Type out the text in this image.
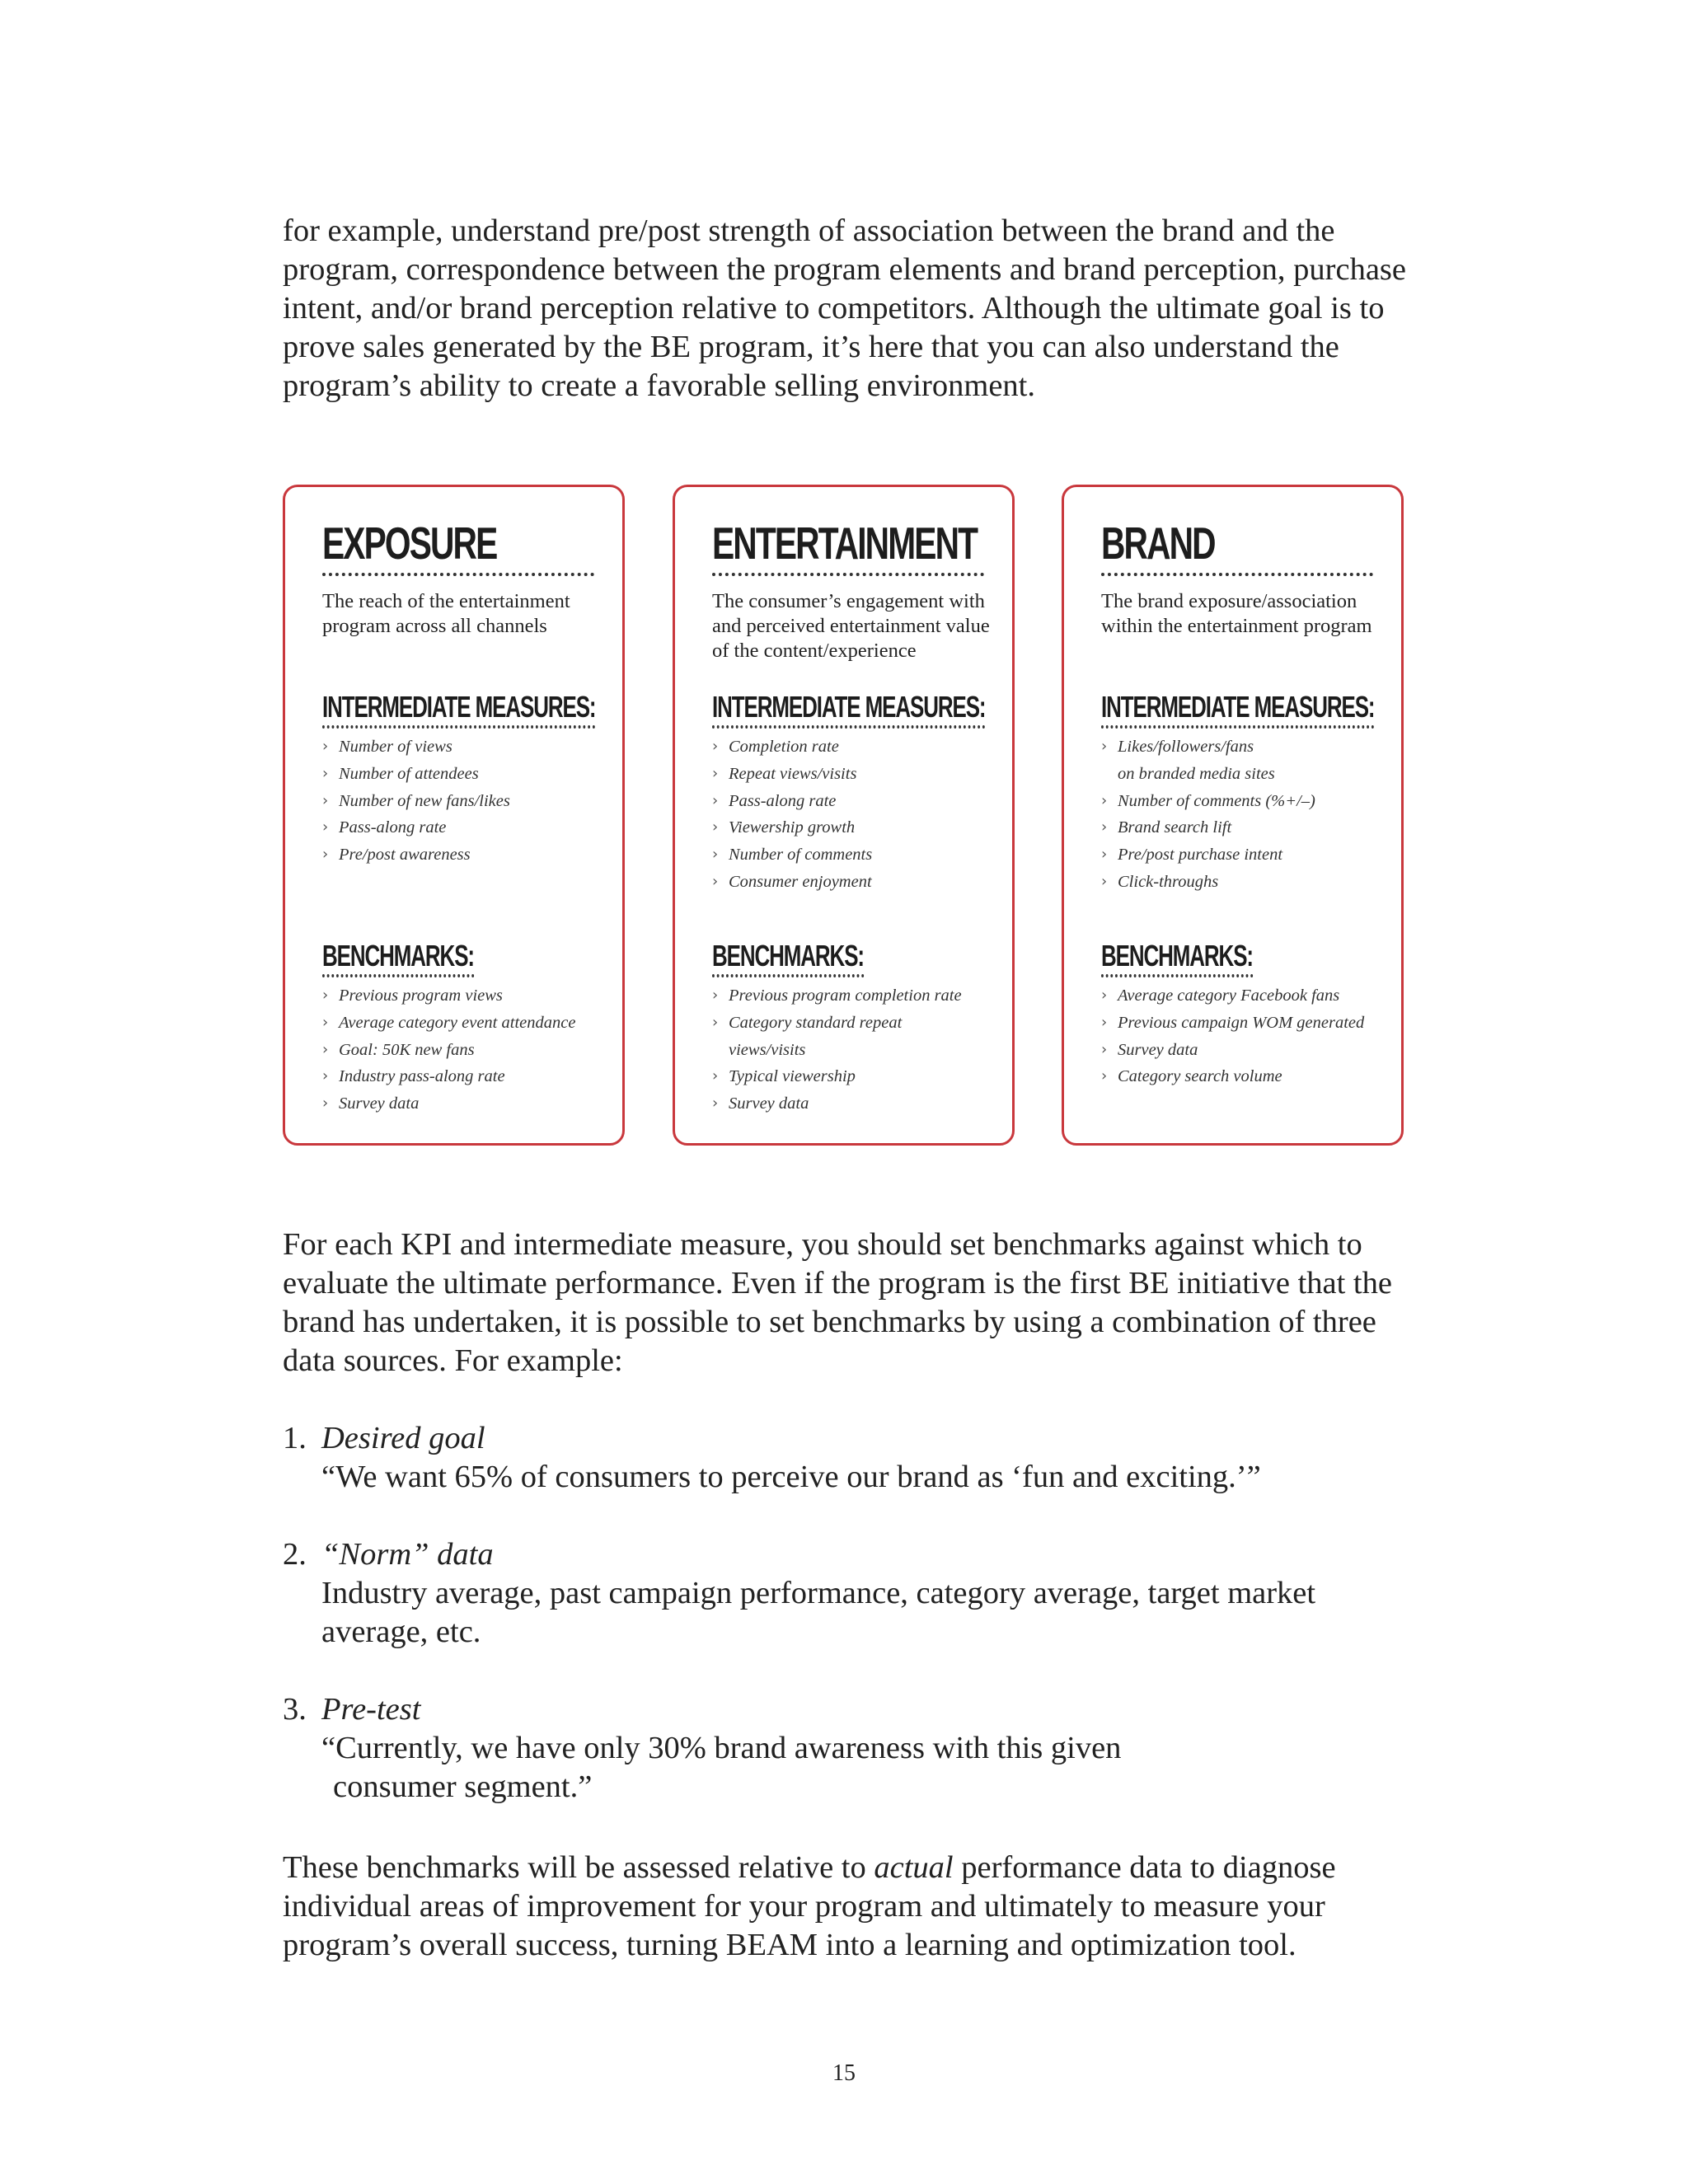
for example, understand pre/post strength of association between the brand and the program, correspondence between the program elements and brand perception, purchase intent, and/or brand perception relative to competitors. Although the ultimate goal is to prove sales generated by the BE program, it’s here that you can also understand the program’s ability to create a favorable selling environment.

EXPOSURE

The reach of the entertainment program across all channels

INTERMEDIATE MEASURES:
› Number of views
› Number of attendees
› Number of new fans/likes
› Pass-along rate
› Pre/post awareness
BENCHMARKS:
› Previous program views
› Average category event attendance
› Goal: 50K new fans
› Industry pass-along rate
› Survey data
ENTERTAINMENT

The consumer’s engagement with and perceived entertainment value of the content/experience

INTERMEDIATE MEASURES:
› Completion rate
› Repeat views/visits
› Pass-along rate
› Viewership growth
› Number of comments
› Consumer enjoyment
BENCHMARKS:
› Previous program completion rate
› Category standard repeat
views/visits
› Typical viewership
› Survey data
BRAND

The brand exposure/association within the entertainment program

INTERMEDIATE MEASURES:
› Likes/followers/fans
on branded media sites
› Number of comments (%+/–)
› Brand search lift
› Pre/post purchase intent
› Click-throughs
BENCHMARKS:
› Average category Facebook fans
› Previous campaign WOM generated
› Survey data
› Category search volume

For each KPI and intermediate measure, you should set benchmarks against which to evaluate the ultimate performance. Even if the program is the first BE initiative that the brand has undertaken, it is possible to set benchmarks by using a combination of three data sources. For example:

1. Desired goal
“We want 65% of consumers to perceive our brand as ‘fun and exciting.’”
2. “Norm” data
Industry average, past campaign performance, category average, target market average, etc.
3. Pre-test
“Currently, we have only 30% brand awareness with this given
consumer segment.”

These benchmarks will be assessed relative to actual performance data to diagnose individual areas of improvement for your program and ultimately to measure your program’s overall success, turning BEAM into a learning and optimization tool.

15
